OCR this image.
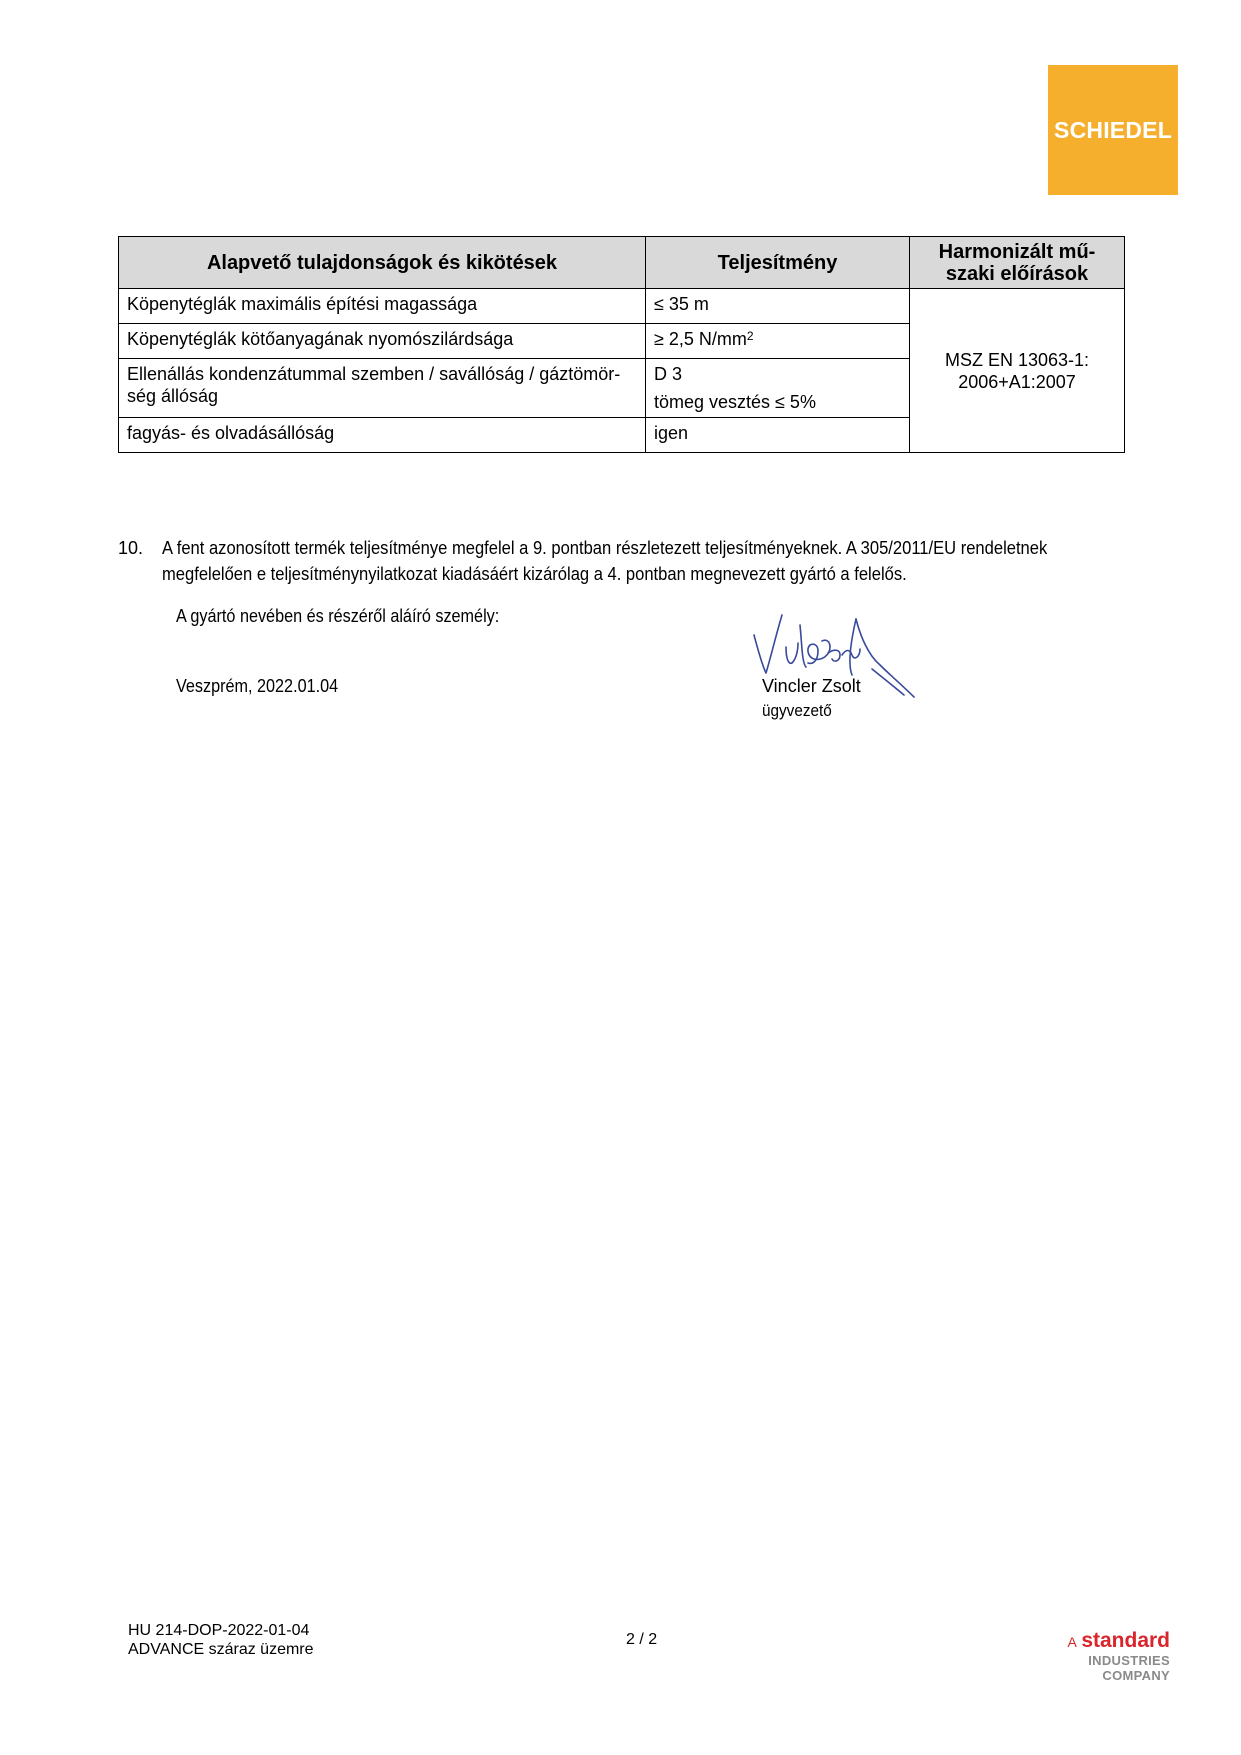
SCHIEDEL
Alapvető tulajdonságok és kikötések	Teljesítmény	Harmonizált mű-szaki előírások
Köpenytéglák maximális építési magassága	≤ 35 m	MSZ EN 13063-1:
2006+A1:2007
Köpenytéglák kötőanyagának nyomószilárdsága	≥ 2,5 $N/mm^2$
Ellenállás kondenzátummal szemben / savállóság / gáztömör-ség állóság	D 3
tömeg vesztés ≤ 5%	

fagyás- és olvadásállóság	igen	
10. A fent azonosított termék teljesítménye megfelel a 9. pontban részletezett teljesítményeknek. A 305/2011/EU rendeletnek megfelelően e teljesítménynyilatkozat kiadásáért kizárólag a 4. pontban megnevezett gyártó a felelős.
A gyártó nevében és részéről aláíró személy:
Veszprém, 2022.01.04	Vincler Zsolt
ügyvezető
HU 214-DOP-2022-01-04
ADVANCE száraz üzemre
2 / 2	A standard
INDUSTRIES COMPANY
